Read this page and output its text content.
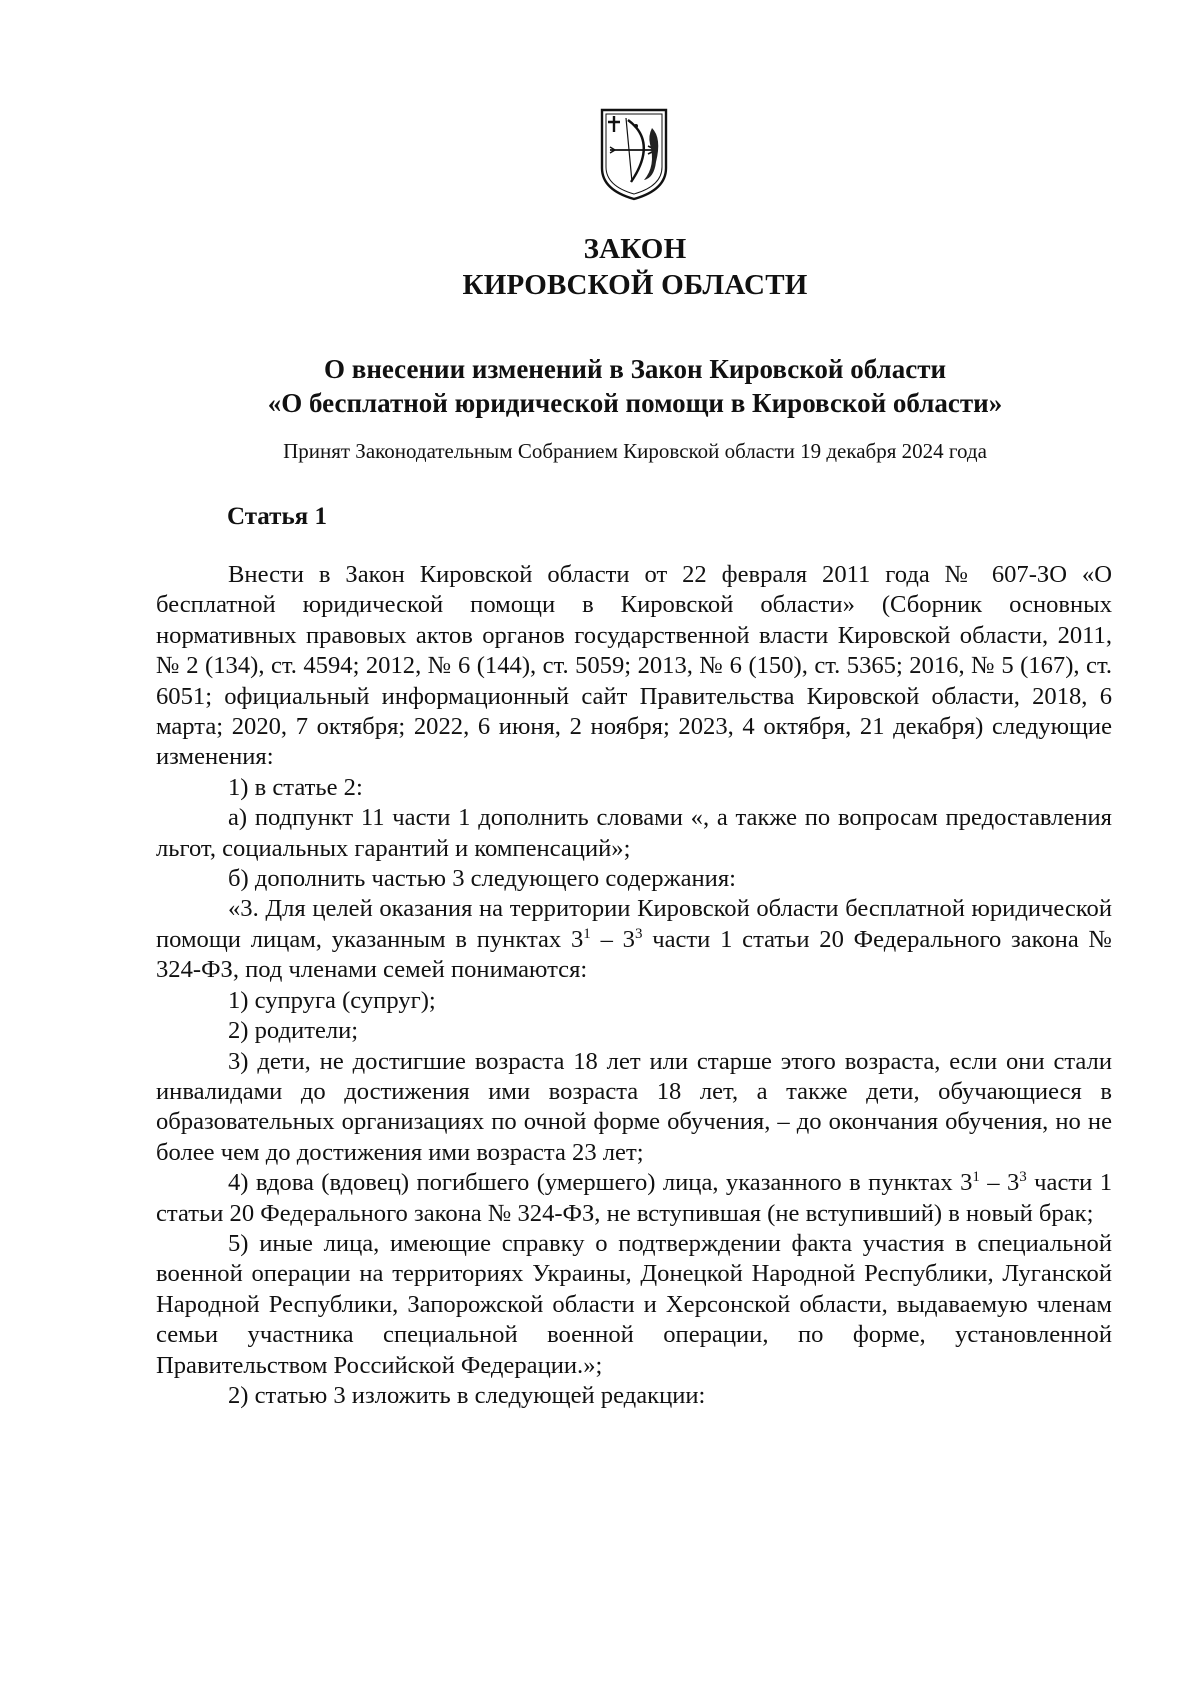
ЗАКОН
КИРОВСКОЙ ОБЛАСТИ
О внесении изменений в Закон Кировской области
«О бесплатной юридической помощи в Кировской области»
Принят Законодательным Собранием Кировской области 19 декабря 2024 года
Статья 1

Внести в Закон Кировской области от 22 февраля 2011 года № 607-ЗО «О бесплатной юридической помощи в Кировской области» (Сборник основных нормативных правовых актов органов государственной власти Кировской области, 2011, № 2 (134), ст. 4594; 2012, № 6 (144), ст. 5059; 2013, № 6 (150), ст. 5365; 2016, № 5 (167), ст. 6051; официальный информационный сайт Правительства Кировской области, 2018, 6 марта; 2020, 7 октября; 2022, 6 июня, 2 ноября; 2023, 4 октября, 21 декабря) следующие изменения:

1) в статье 2:

а) подпункт 11 части 1 дополнить словами «, а также по вопросам предоставления льгот, социальных гарантий и компенсаций»;

б) дополнить частью 3 следующего содержания:

«3. Для целей оказания на территории Кировской области бесплатной юридической помощи лицам, указанным в пунктах $3^1 - 3^3$ части 1 статьи 20 Федерального закона № 324-ФЗ, под членами семей понимаются:

1) супруга (супруг);

2) родители;

3) дети, не достигшие возраста 18 лет или старше этого возраста, если они стали инвалидами до достижения ими возраста 18 лет, а также дети, обучающиеся в образовательных организациях по очной форме обучения, – до окончания обучения, но не более чем до достижения ими возраста 23 лет;

4) вдова (вдовец) погибшего (умершего) лица, указанного в пунктах $3^1 - 3^3$ части 1 статьи 20 Федерального закона № 324-ФЗ, не вступившая (не вступивший) в новый брак;

5) иные лица, имеющие справку о подтверждении факта участия в специальной военной операции на территориях Украины, Донецкой Народной Республики, Луганской Народной Республики, Запорожской области и Херсонской области, выдаваемую членам семьи участника специальной военной операции, по форме, установленной Правительством Российской Федерации.»;

2) статью 3 изложить в следующей редакции:
